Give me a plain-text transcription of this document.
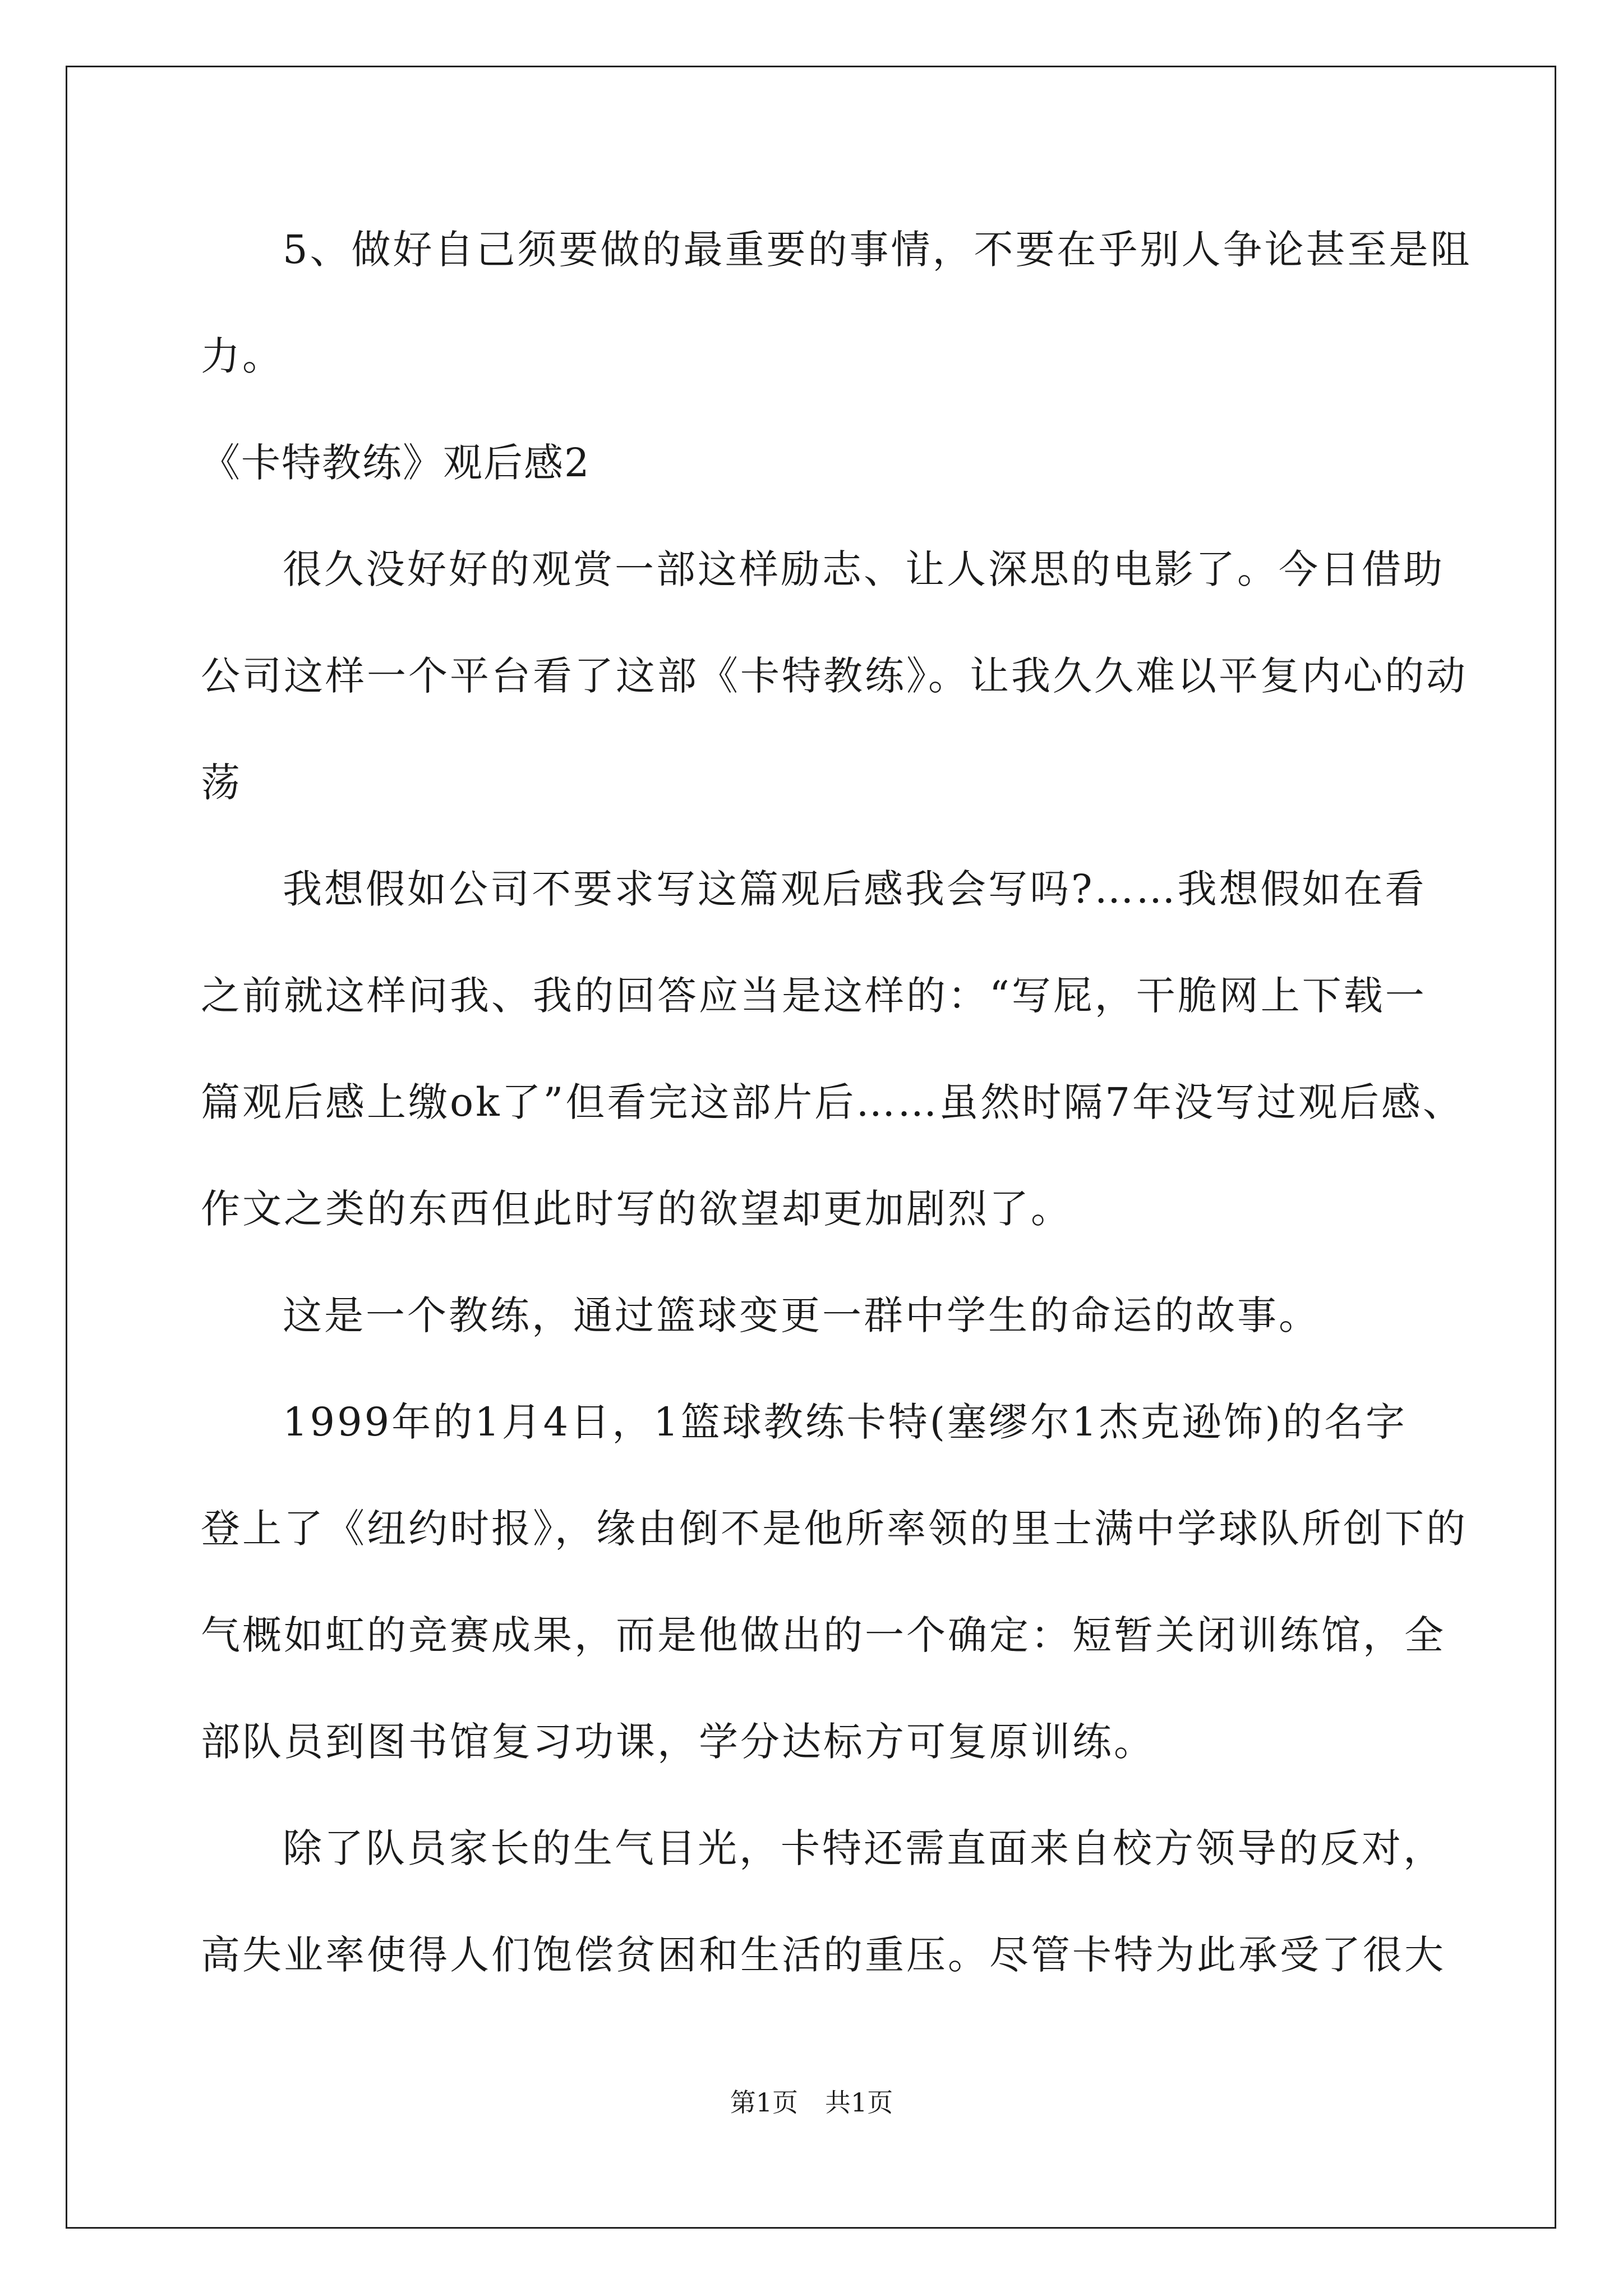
5、做好自己须要做的最重要的事情，不要在乎别人争论甚至是阻
力。
《卡特教练》观后感2
很久没好好的观赏一部这样励志、让人深思的电影了。今日借助
公司这样一个平台看了这部《卡特教练》。让我久久难以平复内心的动
荡
我想假如公司不要求写这篇观后感我会写吗?……我想假如在看
之前就这样问我、我的回答应当是这样的：“写屁，干脆网上下载一
篇观后感上缴ok了”但看完这部片后……虽然时隔7年没写过观后感、
作文之类的东西但此时写的欲望却更加剧烈了。
这是一个教练，通过篮球变更一群中学生的命运的故事。
1999年的1月4日，1篮球教练卡特(塞缪尔1杰克逊饰)的名字
登上了《纽约时报》，缘由倒不是他所率领的里士满中学球队所创下的
气概如虹的竞赛成果，而是他做出的一个确定：短暂关闭训练馆，全
部队员到图书馆复习功课，学分达标方可复原训练。
除了队员家长的生气目光，卡特还需直面来自校方领导的反对，
高失业率使得人们饱偿贫困和生活的重压。尽管卡特为此承受了很大
第1页 共1页
